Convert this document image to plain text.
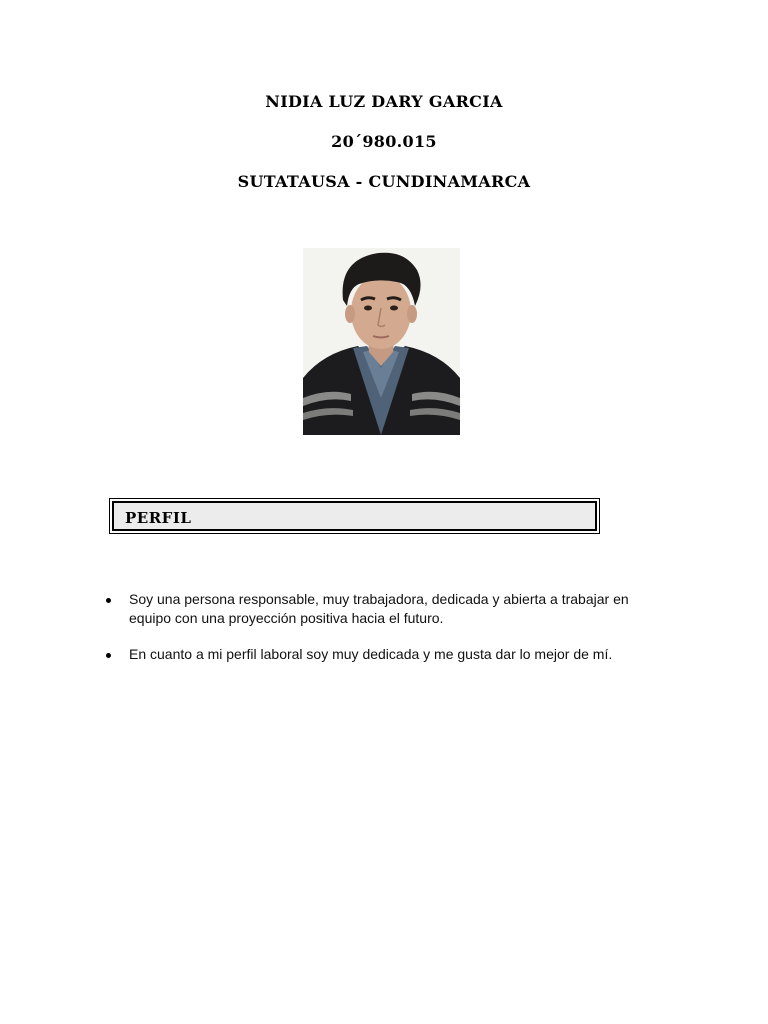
NIDIA LUZ DARY GARCIA
20´980.015
SUTATAUSA - CUNDINAMARCA
PERFIL
Soy una persona responsable, muy trabajadora, dedicada y abierta a trabajar en equipo con una proyección positiva hacia el futuro.
En cuanto a mi perfil laboral soy muy dedicada y me gusta dar lo mejor de mí.
